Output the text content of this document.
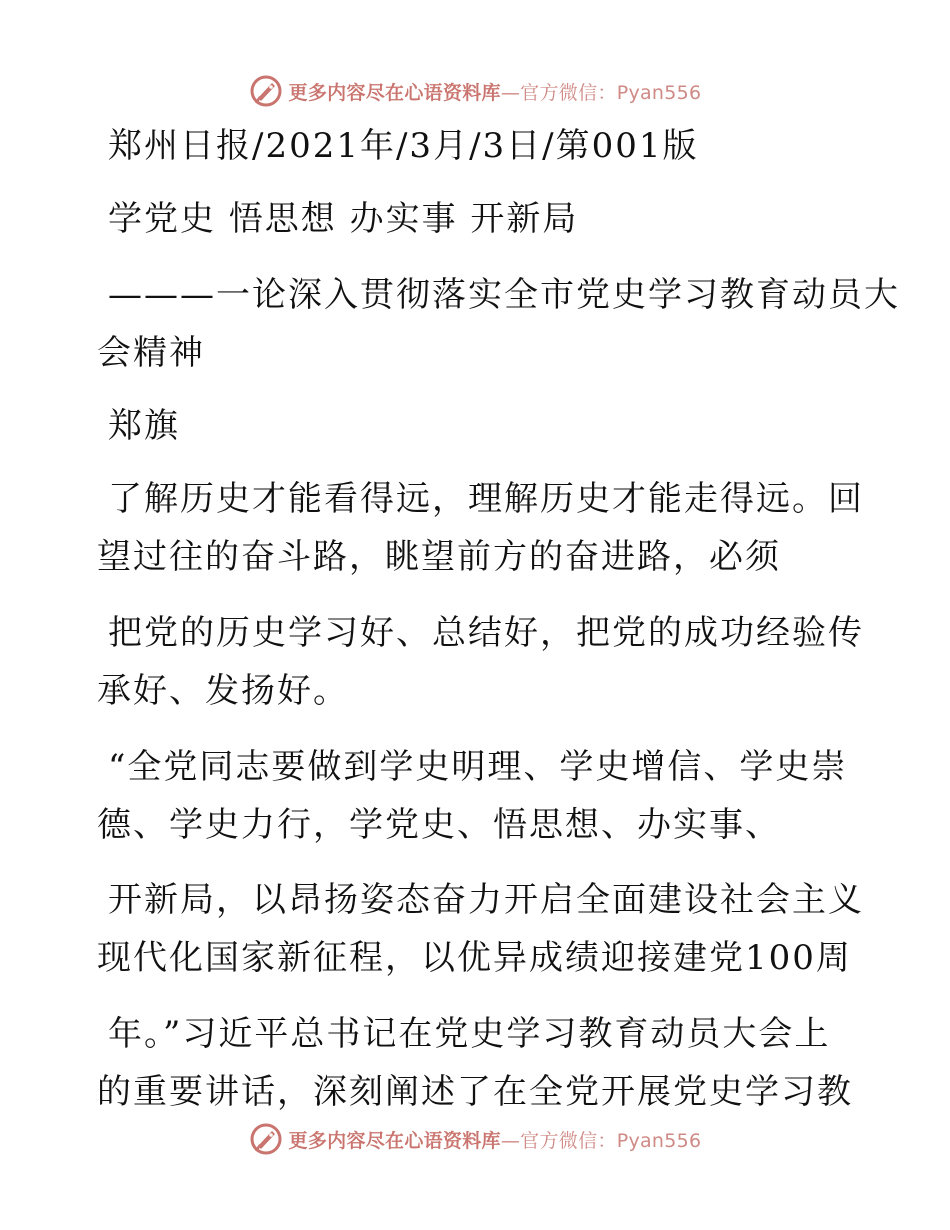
更多内容尽在心语资料库—官方微信：Pyan556
郑州日报/2021年/3月/3日/第001版
学党史 悟思想 办实事 开新局
———一论深入贯彻落实全市党史学习教育动员大
会精神
郑旗
了解历史才能看得远，理解历史才能走得远。回
望过往的奋斗路，眺望前方的奋进路，必须
把党的历史学习好、总结好，把党的成功经验传
承好、发扬好。
“全党同志要做到学史明理、学史增信、学史崇
德、学史力行，学党史、悟思想、办实事、
开新局，以昂扬姿态奋力开启全面建设社会主义
现代化国家新征程，以优异成绩迎接建党100周
年。”习近平总书记在党史学习教育动员大会上
的重要讲话，深刻阐述了在全党开展党史学习教
更多内容尽在心语资料库—官方微信：Pyan556
